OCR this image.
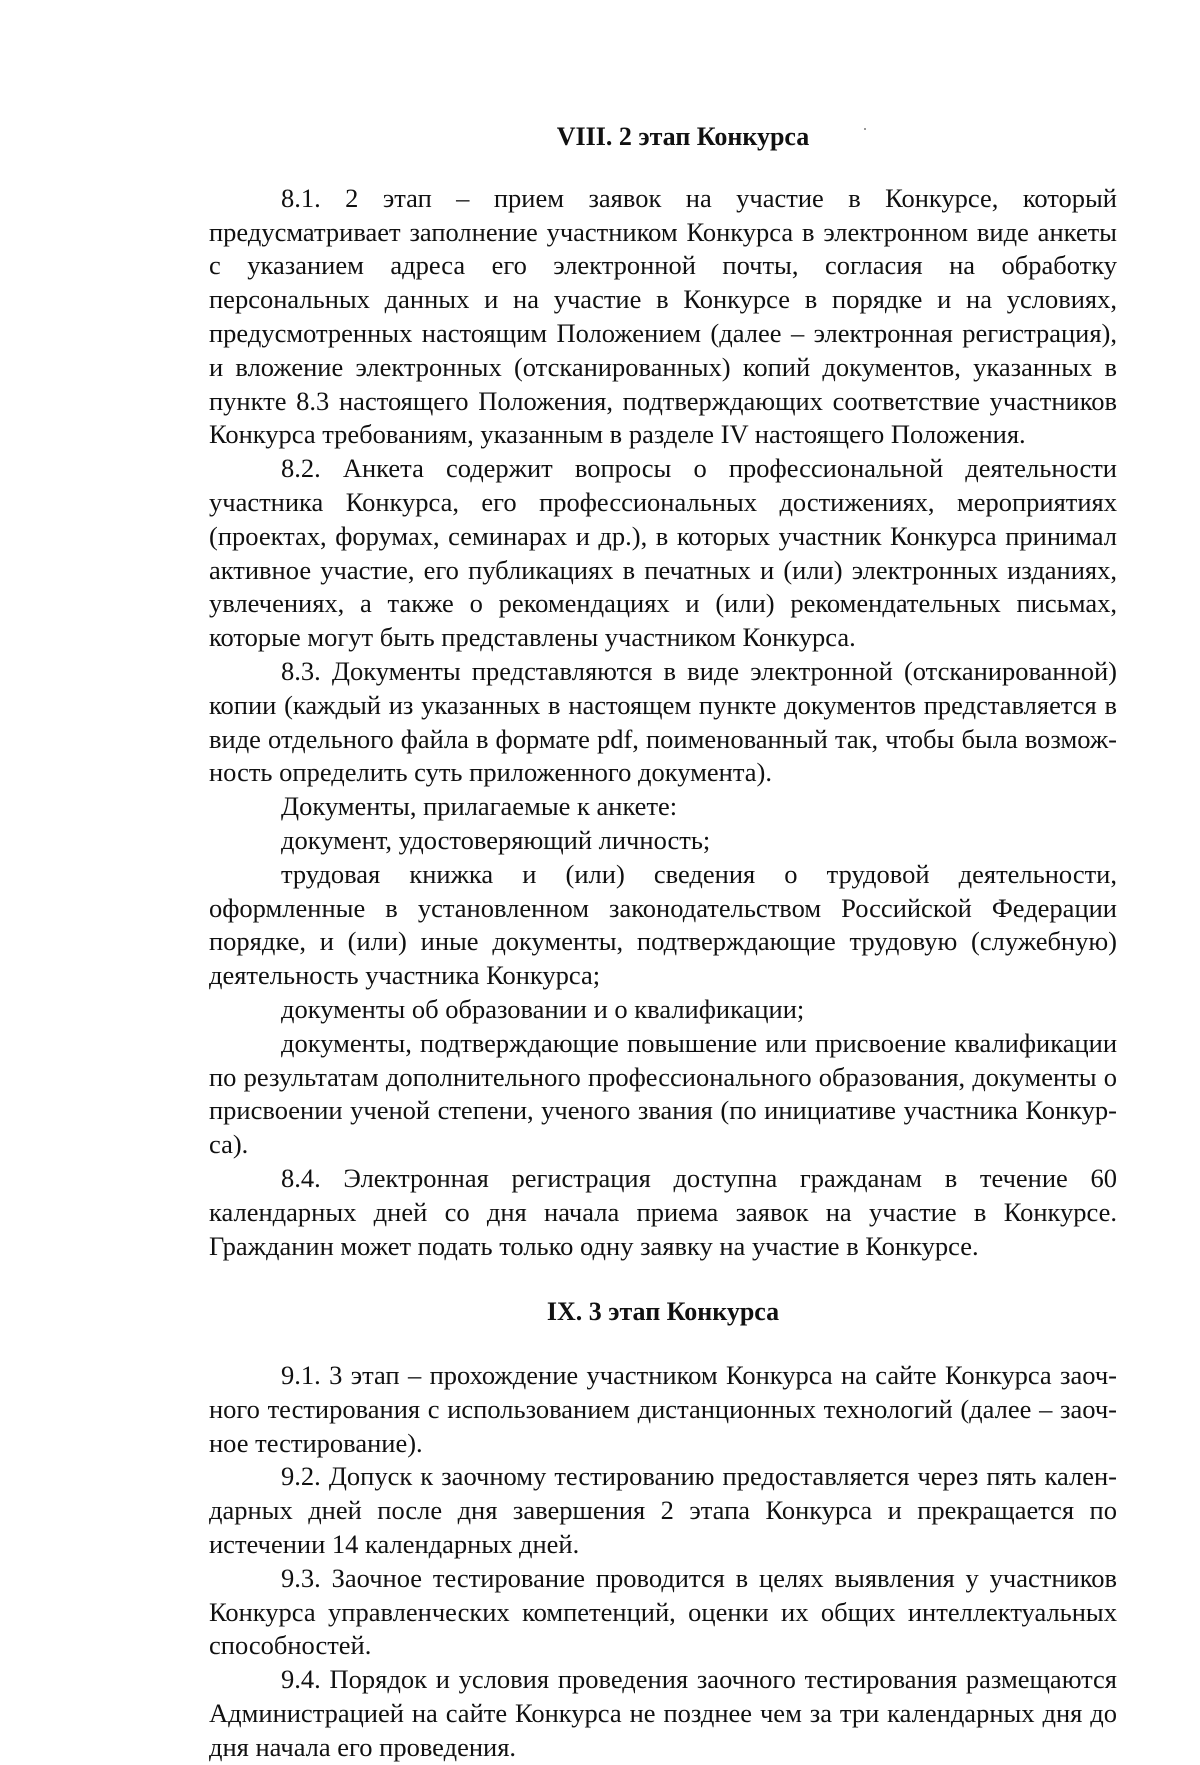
VIII. 2 этап Конкурса

8.1. 2 этап – прием заявок на участие в Конкурсе, который предусматривает заполнение участником Конкурса в электронном виде анкеты с указанием адреса его электронной почты, согласия на обработку персональных данных и на участие в Конкурсе в порядке и на условиях, предусмотренных настоящим Положением (далее – электронная регистрация), и вложение электронных (отсканированных) копий документов, указанных в пункте 8.3 настоящего Положения, подтверждающих соответствие участников Конкурса требованиям, указанным в разделе IV настоящего Положения.

8.2. Анкета содержит вопросы о профессиональной деятельности участника Конкурса, его профессиональных достижениях, мероприятиях (проектах, форумах, семинарах и др.), в которых участник Конкурса принимал активное участие, его публикациях в печатных и (или) электронных изданиях, увлечениях, а также о рекомендациях и (или) рекомендательных письмах, которые могут быть представлены участником Конкурса.

8.3. Документы представляются в виде электронной (отсканированной) копии (каждый из указанных в настоящем пункте документов представляется в виде отдельного файла в формате pdf, поименованный так, чтобы была возможность определить суть приложенного документа).

Документы, прилагаемые к анкете:

документ, удостоверяющий личность;

трудовая книжка и (или) сведения о трудовой деятельности, оформленные в установленном законодательством Российской Федерации порядке, и (или) иные документы, подтверждающие трудовую (служебную) деятельность участника Конкурса;

документы об образовании и о квалификации;

документы, подтверждающие повышение или присвоение квалификации по результатам дополнительного профессионального образования, документы о присвоении ученой степени, ученого звания (по инициативе участника Конкурса).

8.4. Электронная регистрация доступна гражданам в течение 60 календарных дней со дня начала приема заявок на участие в Конкурсе. Гражданин может подать только одну заявку на участие в Конкурсе.

IX. 3 этап Конкурса

9.1. 3 этап – прохождение участником Конкурса на сайте Конкурса заочного тестирования с использованием дистанционных технологий (далее – заочное тестирование).

9.2. Допуск к заочному тестированию предоставляется через пять календарных дней после дня завершения 2 этапа Конкурса и прекращается по истечении 14 календарных дней.

9.3. Заочное тестирование проводится в целях выявления у участников Конкурса управленческих компетенций, оценки их общих интеллектуальных способностей.

9.4. Порядок и условия проведения заочного тестирования размещаются Администрацией на сайте Конкурса не позднее чем за три календарных дня до дня начала его проведения.
